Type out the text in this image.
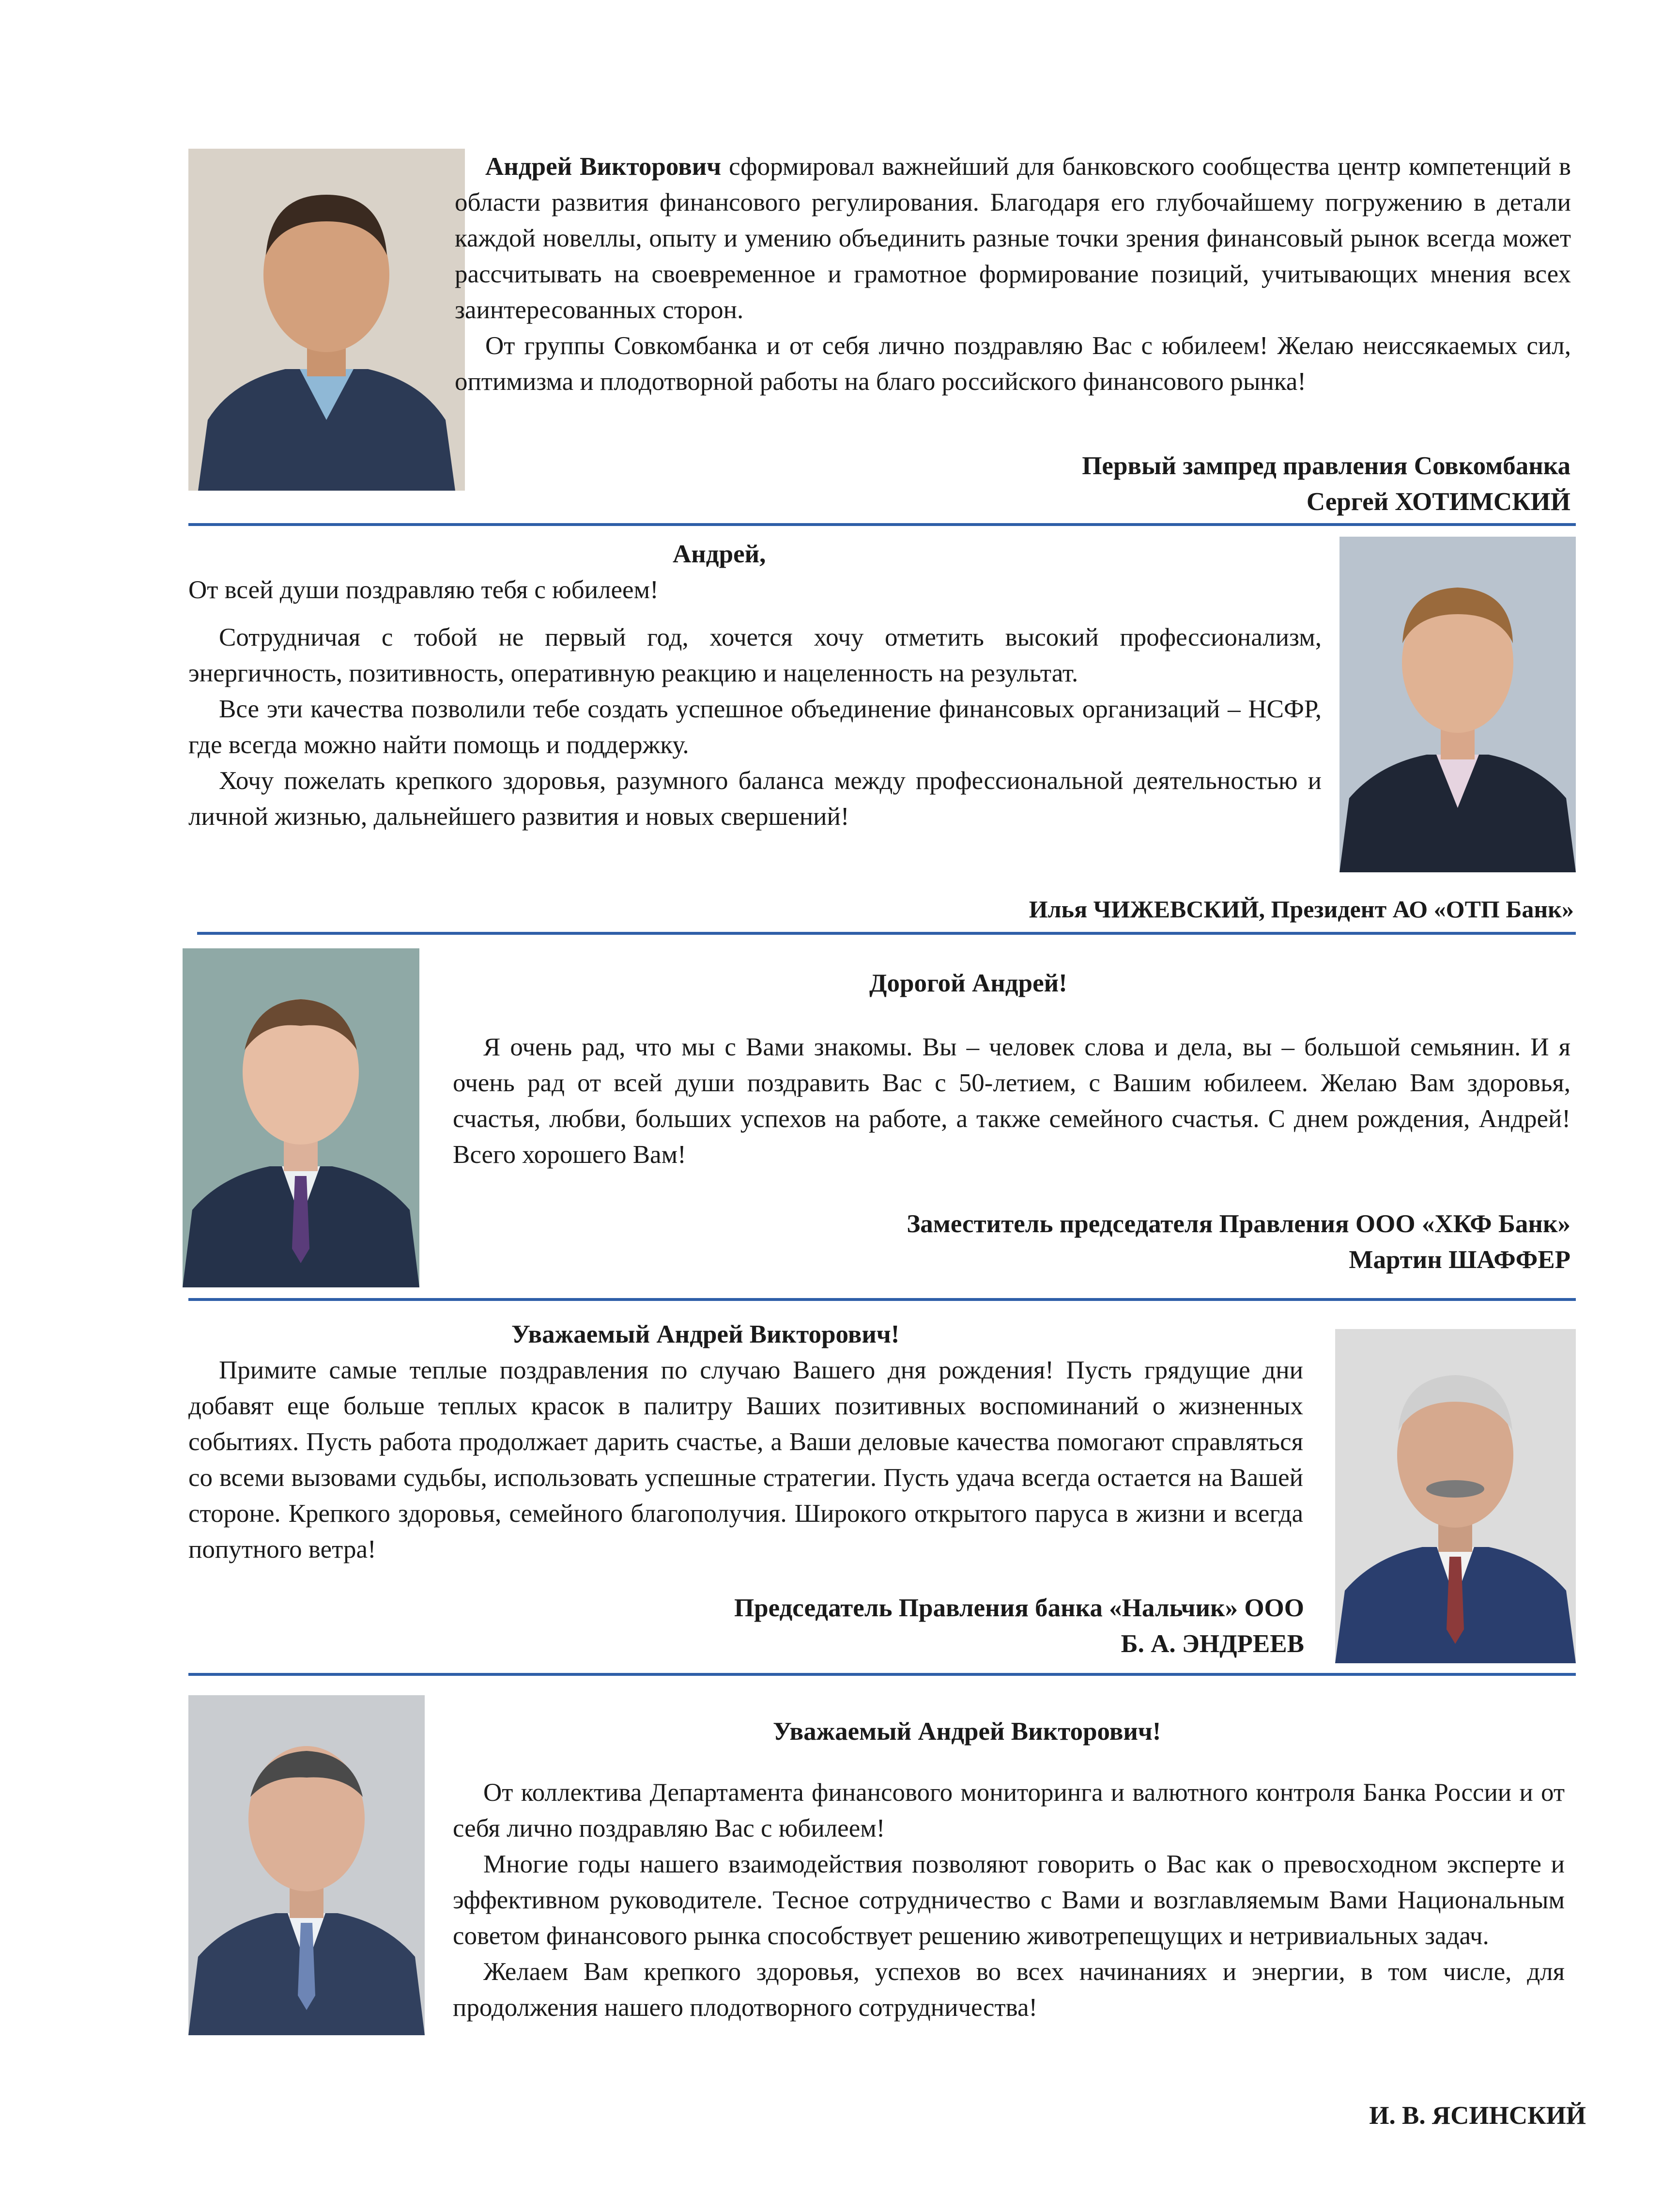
Андрей Викторович сформировал важнейший для банковского сообщества центр компетенций в области развития финансового регулирования. Благодаря его глубочайшему погружению в детали каждой новеллы, опыту и умению объединить разные точки зрения финансовый рынок всегда может рассчитывать на своевременное и грамотное формирование позиций, учитывающих мнения всех заинтересованных сторон.

От группы Совкомбанка и от себя лично поздравляю Вас с юбилеем! Желаю неиссякаемых сил, оптимизма и плодотворной работы на благо российского финансового рынка!

Первый зампред правления Совкомбанка
Сергей ХОТИМСКИЙ
Андрей,

От всей души поздравляю тебя с юбилеем!

Сотрудничая с тобой не первый год, хочется хочу отметить высокий профессионализм, энергичность, позитивность, оперативную реакцию и нацеленность на результат.

Все эти качества позволили тебе создать успешное объединение финансовых организаций – НСФР, где всегда можно найти помощь и поддержку.

Хочу пожелать крепкого здоровья, разумного баланса между профессиональной деятельностью и личной жизнью, дальнейшего развития и новых свершений!

Илья ЧИЖЕВСКИЙ, Президент АО «ОТП Банк»
Дорогой Андрей!

Я очень рад, что мы с Вами знакомы. Вы – человек слова и дела, вы – большой семьянин. И я очень рад от всей души поздравить Вас с 50-летием, с Вашим юбилеем. Желаю Вам здоровья, счастья, любви, больших успехов на работе, а также семейного счастья. С днем рождения, Андрей! Всего хорошего Вам!

Заместитель председателя Правления ООО «ХКФ Банк»
Мартин ШАФФЕР
Уважаемый Андрей Викторович!

Примите самые теплые поздравления по случаю Вашего дня рождения! Пусть грядущие дни добавят еще больше теплых красок в палитру Ваших позитивных воспоминаний о жизненных событиях. Пусть работа продолжает дарить счастье, а Ваши деловые качества помогают справляться со всеми вызовами судьбы, использовать успешные стратегии. Пусть удача всегда остается на Вашей стороне. Крепкого здоровья, семейного благополучия. Широкого открытого паруса в жизни и всегда попутного ветра!

Председатель Правления банка «Нальчик» ООО
Б. А. ЭНДРЕЕВ
Уважаемый Андрей Викторович!

От коллектива Департамента финансового мониторинга и валютного контроля Банка России и от себя лично поздравляю Вас с юбилеем!

Многие годы нашего взаимодействия позволяют говорить о Вас как о превосходном эксперте и эффективном руководителе. Тесное сотрудничество с Вами и возглавляемым Вами Национальным советом финансового рынка способствует решению животрепещущих и нетривиальных задач.

Желаем Вам крепкого здоровья, успехов во всех начинаниях и энергии, в том числе, для продолжения нашего плодотворного сотрудничества!

И. В. ЯСИНСКИЙ
